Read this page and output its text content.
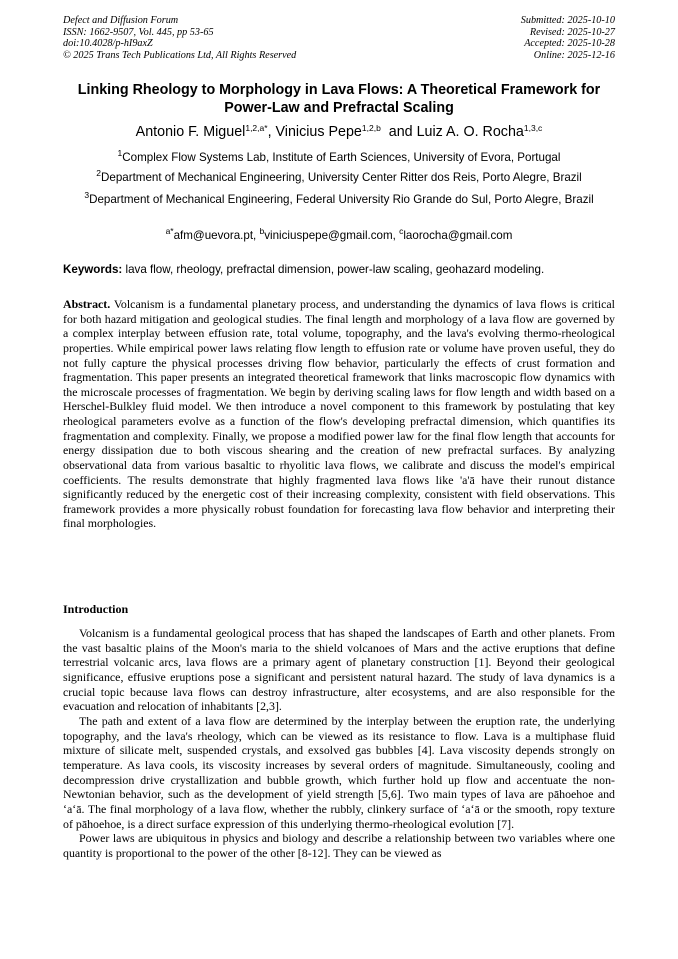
Defect and Diffusion Forum
ISSN: 1662-9507, Vol. 445, pp 53-65
doi:10.4028/p-hI9axZ
© 2025 Trans Tech Publications Ltd, All Rights Reserved
Submitted: 2025-10-10
Revised: 2025-10-27
Accepted: 2025-10-28
Online: 2025-12-16
Linking Rheology to Morphology in Lava Flows: A Theoretical Framework for Power-Law and Prefractal Scaling
Antonio F. Miguel$^{1,2,a*}$, Vinicius Pepe$^{1,2,b}$  and Luiz A. O. Rocha$^{1,3,c}$
$^1$Complex Flow Systems Lab, Institute of Earth Sciences, University of Evora, Portugal
$^2$Department of Mechanical Engineering, University Center Ritter dos Reis, Porto Alegre, Brazil
$^3$Department of Mechanical Engineering, Federal University Rio Grande do Sul, Porto Alegre, Brazil
$^{a*}$afm@uevora.pt, $^b$viniciuspepe@gmail.com, $^c$laorocha@gmail.com
Keywords: lava flow, rheology, prefractal dimension, power-law scaling, geohazard modeling.
Abstract. Volcanism is a fundamental planetary process, and understanding the dynamics of lava flows is critical for both hazard mitigation and geological studies. The final length and morphology of a lava flow are governed by a complex interplay between effusion rate, total volume, topography, and the lava's evolving thermo-rheological properties. While empirical power laws relating flow length to effusion rate or volume have proven useful, they do not fully capture the physical processes driving flow behavior, particularly the effects of crust formation and fragmentation. This paper presents an integrated theoretical framework that links macroscopic flow dynamics with the microscale processes of fragmentation. We begin by deriving scaling laws for flow length and width based on a Herschel-Bulkley fluid model. We then introduce a novel component to this framework by postulating that key rheological parameters evolve as a function of the flow's developing prefractal dimension, which quantifies its fragmentation and complexity. Finally, we propose a modified power law for the final flow length that accounts for energy dissipation due to both viscous shearing and the creation of new prefractal surfaces. By analyzing observational data from various basaltic to rhyolitic lava flows, we calibrate and discuss the model's empirical coefficients. The results demonstrate that highly fragmented lava flows like 'a'ā have their runout distance significantly reduced by the energetic cost of their increasing complexity, consistent with field observations. This framework provides a more physically robust foundation for forecasting lava flow behavior and interpreting their final morphologies.
Introduction

Volcanism is a fundamental geological process that has shaped the landscapes of Earth and other planets. From the vast basaltic plains of the Moon's maria to the shield volcanoes of Mars and the active eruptions that define terrestrial volcanic arcs, lava flows are a primary agent of planetary construction [1]. Beyond their geological significance, effusive eruptions pose a significant and persistent natural hazard. The study of lava dynamics is a crucial topic because lava flows can destroy infrastructure, alter ecosystems, and are also responsible for the evacuation and relocation of inhabitants [2,3].

The path and extent of a lava flow are determined by the interplay between the eruption rate, the underlying topography, and the lava's rheology, which can be viewed as its resistance to flow. Lava is a multiphase fluid mixture of silicate melt, suspended crystals, and exsolved gas bubbles [4]. Lava viscosity depends strongly on temperature. As lava cools, its viscosity increases by several orders of magnitude. Simultaneously, cooling and decompression drive crystallization and bubble growth, which further hold up flow and accentuate the non-Newtonian behavior, such as the development of yield strength [5,6]. Two main types of lava are pāhoehoe and ‘a‘ā. The final morphology of a lava flow, whether the rubbly, clinkery surface of ‘a‘ā or the smooth, ropy texture of pāhoehoe, is a direct surface expression of this underlying thermo-rheological evolution [7].

Power laws are ubiquitous in physics and biology and describe a relationship between two variables where one quantity is proportional to the power of the other [8-12]. They can be viewed as
